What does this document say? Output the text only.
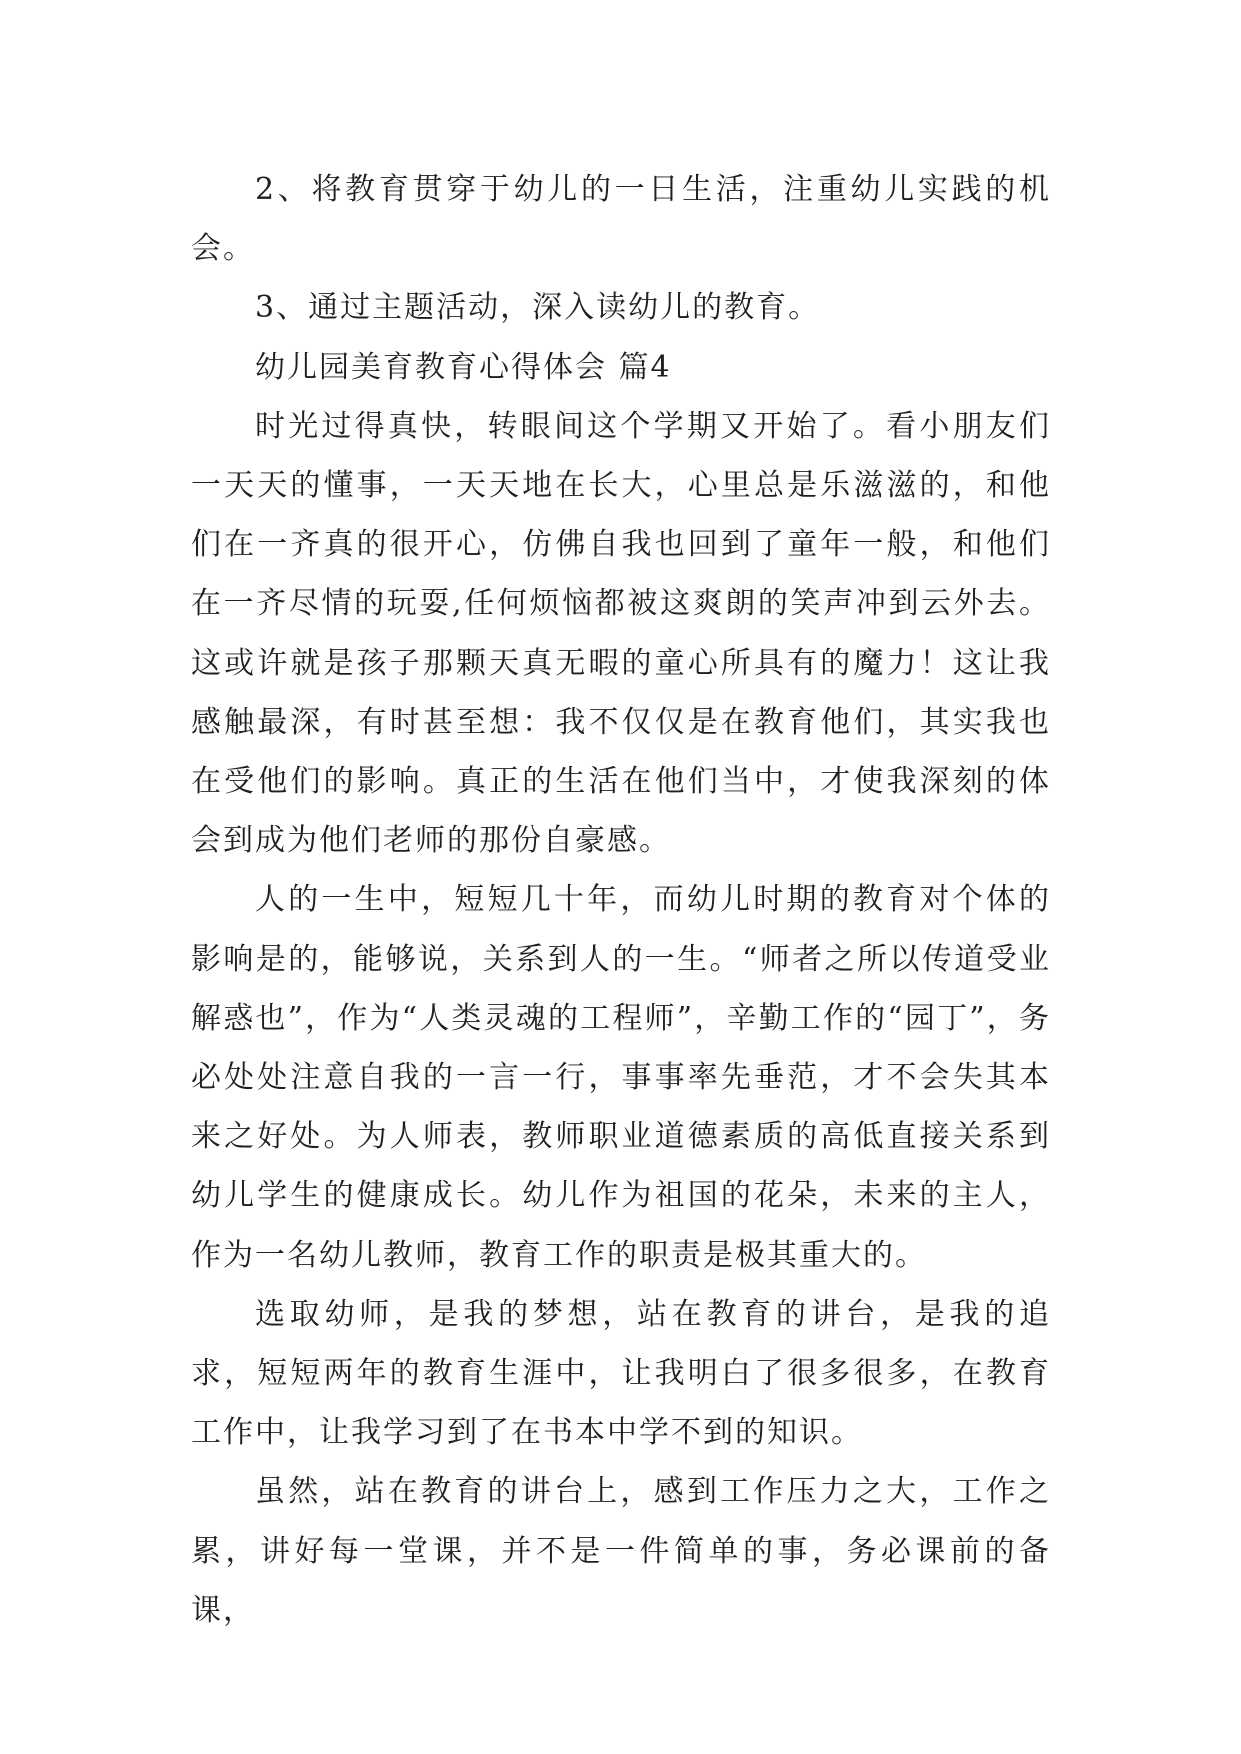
2、将教育贯穿于幼儿的一日生活，注重幼儿实践的机会。

3、通过主题活动，深入读幼儿的教育。

幼儿园美育教育心得体会 篇4

时光过得真快，转眼间这个学期又开始了。看小朋友们一天天的懂事，一天天地在长大，心里总是乐滋滋的，和他们在一齐真的很开心，仿佛自我也回到了童年一般，和他们在一齐尽情的玩耍,任何烦恼都被这爽朗的笑声冲到云外去。这或许就是孩子那颗天真无暇的童心所具有的魔力！这让我感触最深，有时甚至想：我不仅仅是在教育他们，其实我也在受他们的影响。真正的生活在他们当中，才使我深刻的体会到成为他们老师的那份自豪感。

人的一生中，短短几十年，而幼儿时期的教育对个体的影响是的，能够说，关系到人的一生。“师者之所以传道受业解惑也”，作为“人类灵魂的工程师”，辛勤工作的“园丁”，务必处处注意自我的一言一行，事事率先垂范，才不会失其本来之好处。为人师表，教师职业道德素质的高低直接关系到幼儿学生的健康成长。幼儿作为祖国的花朵，未来的主人，作为一名幼儿教师，教育工作的职责是极其重大的。

选取幼师，是我的梦想，站在教育的讲台，是我的追求，短短两年的教育生涯中，让我明白了很多很多，在教育工作中，让我学习到了在书本中学不到的知识。

虽然，站在教育的讲台上，感到工作压力之大，工作之累，讲好每一堂课，并不是一件简单的事，务必课前的备课，
